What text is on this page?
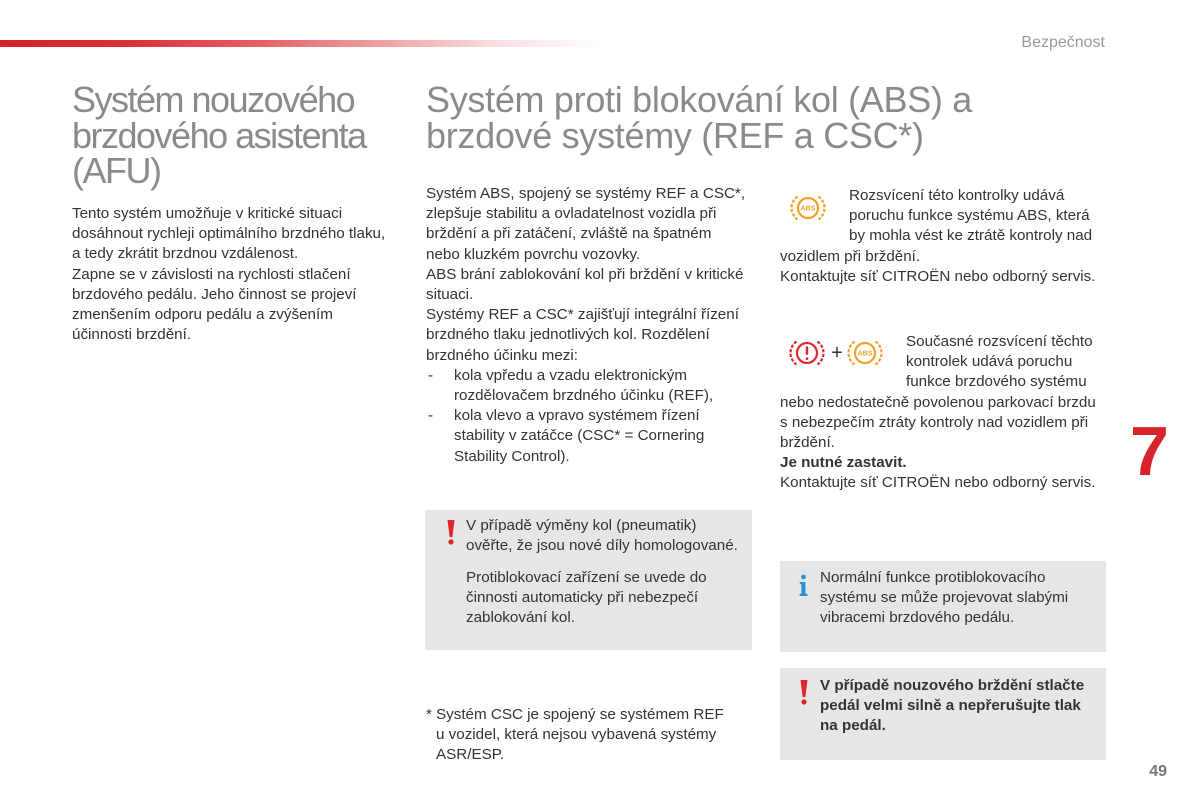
Bezpečnost
Systém nouzového
brzdového asistenta
(AFU)

Tento systém umožňuje v kritické situaci
dosáhnout rychleji optimálního brzdného tlaku,
a tedy zkrátit brzdnou vzdálenost.
Zapne se v závislosti na rychlosti stlačení
brzdového pedálu. Jeho činnost se projeví
zmenšením odporu pedálu a zvýšením
účinnosti brzdění.

Systém proti blokování kol (ABS) a
brzdové systémy (REF a CSC*)

Systém ABS, spojený se systémy REF a CSC*,
zlepšuje stabilitu a ovladatelnost vozidla při
brždění a při zatáčení, zvláště na špatném
nebo kluzkém povrchu vozovky.
ABS brání zablokování kol při brždění v kritické
situaci.
Systémy REF a CSC* zajišťují integrální řízení
brzdného tlaku jednotlivých kol. Rozdělení
brzdného účinku mezi:

- kola vpředu a vzadu elektronickým
rozdělovačem brzdného účinku (REF),
- kola vlevo a vpravo systémem řízení
stability v zatáčce (CSC* = Cornering
Stability Control).

V případě výměny kol (pneumatik)
ověřte, že jsou nové díly homologované.

Protiblokovací zařízení se uvede do
činnosti automaticky při nebezpečí
zablokování kol.

* Systém CSC je spojený se systémem REF
u vozidel, která nejsou vybavená systémy
ASR/ESP.
ABS
Rozsvícení této kontrolky udává
poruchu funkce systému ABS, která
by mohla vést ke ztrátě kontroly nad
vozidlem při brždění.
Kontaktujte síť CITROËN nebo odborný servis.
+ ABS
Současné rozsvícení těchto
kontrolek udává poruchu
funkce brzdového systému
nebo nedostatečně povolenou parkovací brzdu
s nebezpečím ztráty kontroly nad vozidlem při
brždění.
Je nutné zastavit.
Kontaktujte síť CITROËN nebo odborný servis.
Normální funkce protiblokovacího
systému se může projevovat slabými
vibracemi brzdového pedálu.
V případě nouzového brždění stlačte
pedál velmi silně a nepřerušujte tlak
na pedál.
7
49
